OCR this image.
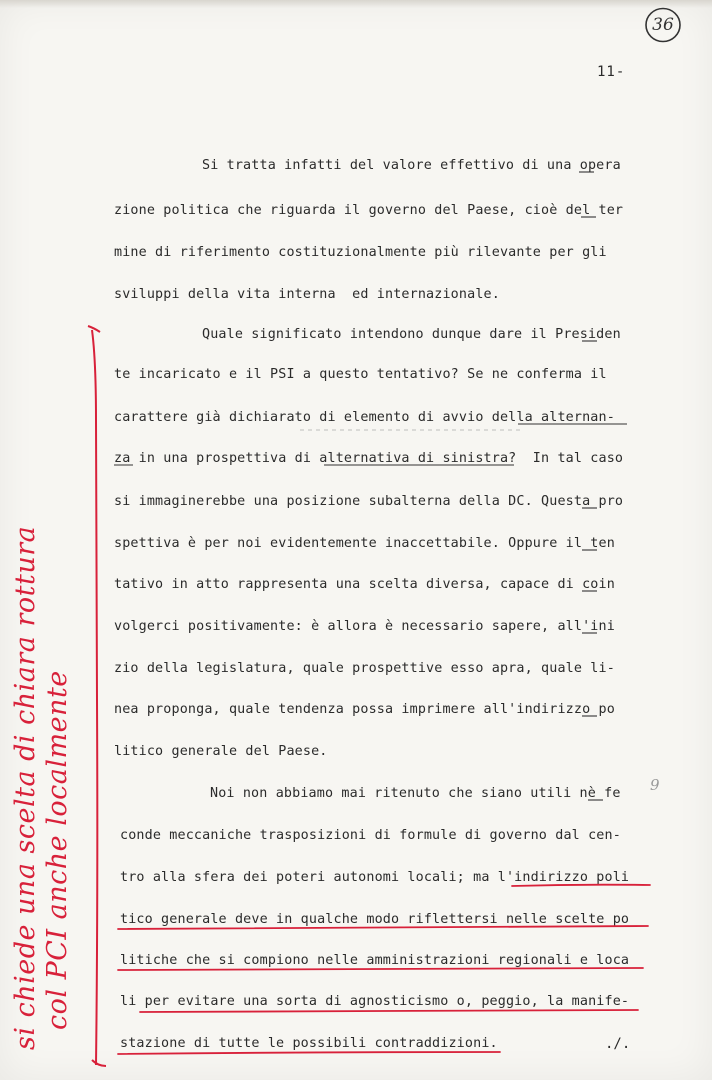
36
11-
Si tratta infatti del valore effettivo di una opera
zione politica che riguarda il governo del Paese, cioè del ter
mine di riferimento costituzionalmente più rilevante per gli
sviluppi della vita interna  ed internazionale.
Quale significato intendono dunque dare il Presiden
te incaricato e il PSI a questo tentativo? Se ne conferma il
carattere già dichiarato di elemento di avvio della alternan-
za in una prospettiva di alternativa di sinistra?  In tal caso
si immaginerebbe una posizione subalterna della DC. Questa pro
spettiva è per noi evidentemente inaccettabile. Oppure il ten
tativo in atto rappresenta una scelta diversa, capace di coin
volgerci positivamente: è allora è necessario sapere, all'ini
zio della legislatura, quale prospettive esso apra, quale li-
nea proponga, quale tendenza possa imprimere all'indirizzo po
litico generale del Paese.
Noi non abbiamo mai ritenuto che siano utili nè fe
conde meccaniche trasposizioni di formule di governo dal cen-
tro alla sfera dei poteri autonomi locali; ma l'indirizzo poli
tico generale deve in qualche modo riflettersi nelle scelte po
litiche che si compiono nelle amministrazioni regionali e loca
li per evitare una sorta di agnosticismo o, peggio, la manife-
stazione di tutte le possibili contraddizioni.	./.
9
si chiede una scelta di chiara rottura col PCI anche localmente
